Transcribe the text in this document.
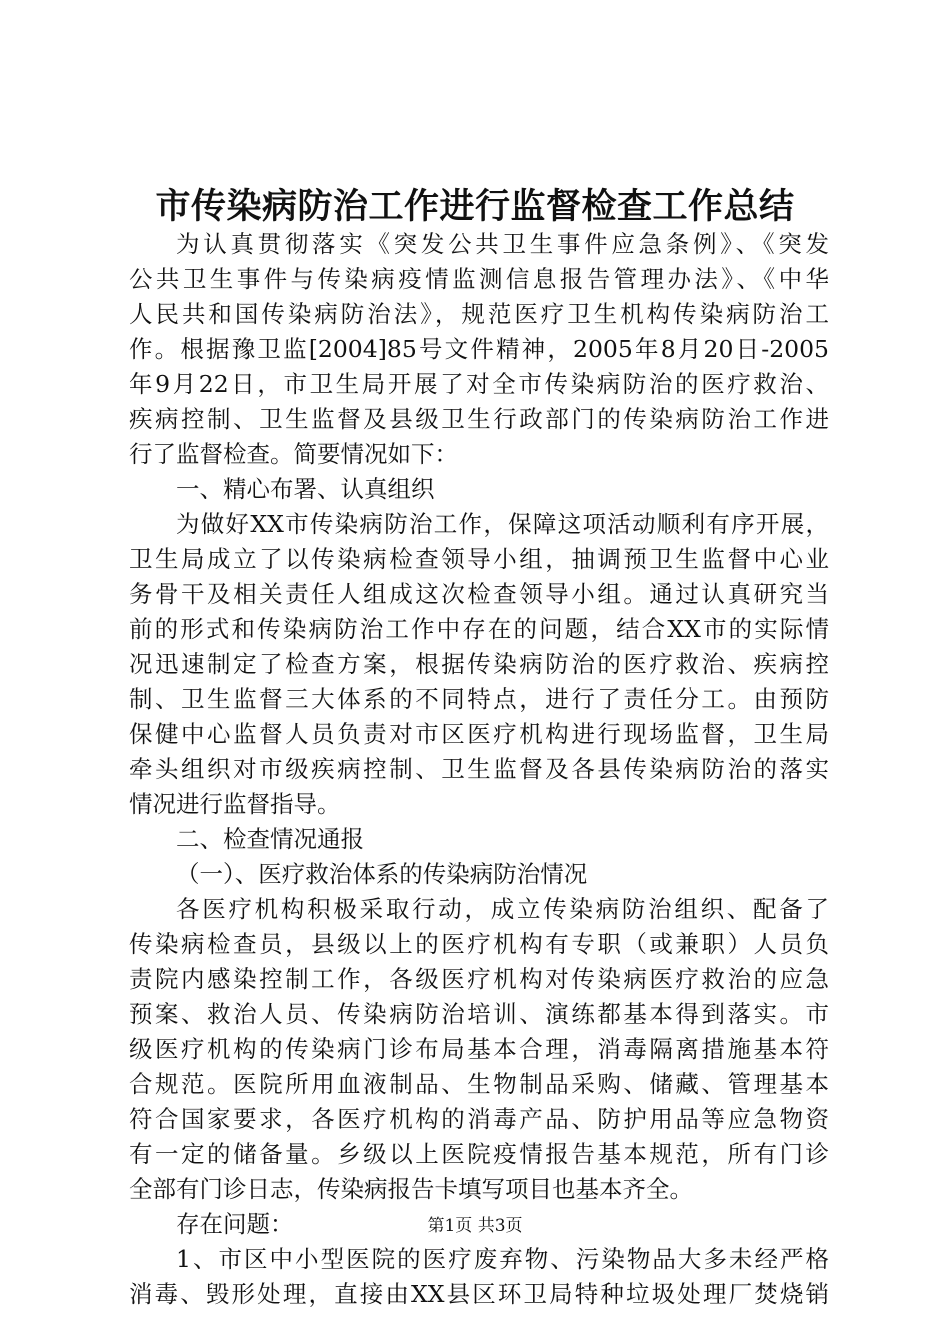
市传染病防治工作进行监督检查工作总结
为认真贯彻落实《突发公共卫生事件应急条例》、《突发
公共卫生事件与传染病疫情监测信息报告管理办法》、《中华
人民共和国传染病防治法》，规范医疗卫生机构传染病防治工
作。根据豫卫监[2004]85号文件精神，2005年8月20日-2005
年9月22日，市卫生局开展了对全市传染病防治的医疗救治、
疾病控制、卫生监督及县级卫生行政部门的传染病防治工作进
行了监督检查。简要情况如下：
一、精心布署、认真组织
为做好XX市传染病防治工作，保障这项活动顺利有序开展，
卫生局成立了以传染病检查领导小组，抽调预卫生监督中心业
务骨干及相关责任人组成这次检查领导小组。通过认真研究当
前的形式和传染病防治工作中存在的问题，结合XX市的实际情
况迅速制定了检查方案，根据传染病防治的医疗救治、疾病控
制、卫生监督三大体系的不同特点，进行了责任分工。由预防
保健中心监督人员负责对市区医疗机构进行现场监督，卫生局
牵头组织对市级疾病控制、卫生监督及各县传染病防治的落实
情况进行监督指导。
二、检查情况通报
（一）、医疗救治体系的传染病防治情况
各医疗机构积极采取行动，成立传染病防治组织、配备了
传染病检查员，县级以上的医疗机构有专职（或兼职）人员负
责院内感染控制工作，各级医疗机构对传染病医疗救治的应急
预案、救治人员、传染病防治培训、演练都基本得到落实。市
级医疗机构的传染病门诊布局基本合理，消毒隔离措施基本符
合规范。医院所用血液制品、生物制品采购、储藏、管理基本
符合国家要求，各医疗机构的消毒产品、防护用品等应急物资
有一定的储备量。乡级以上医院疫情报告基本规范，所有门诊
全部有门诊日志，传染病报告卡填写项目也基本齐全。
存在问题：
1、市区中小型医院的医疗废弃物、污染物品大多未经严格
消毒、毁形处理，直接由XX县区环卫局特种垃圾处理厂焚烧销
第1页 共3页
